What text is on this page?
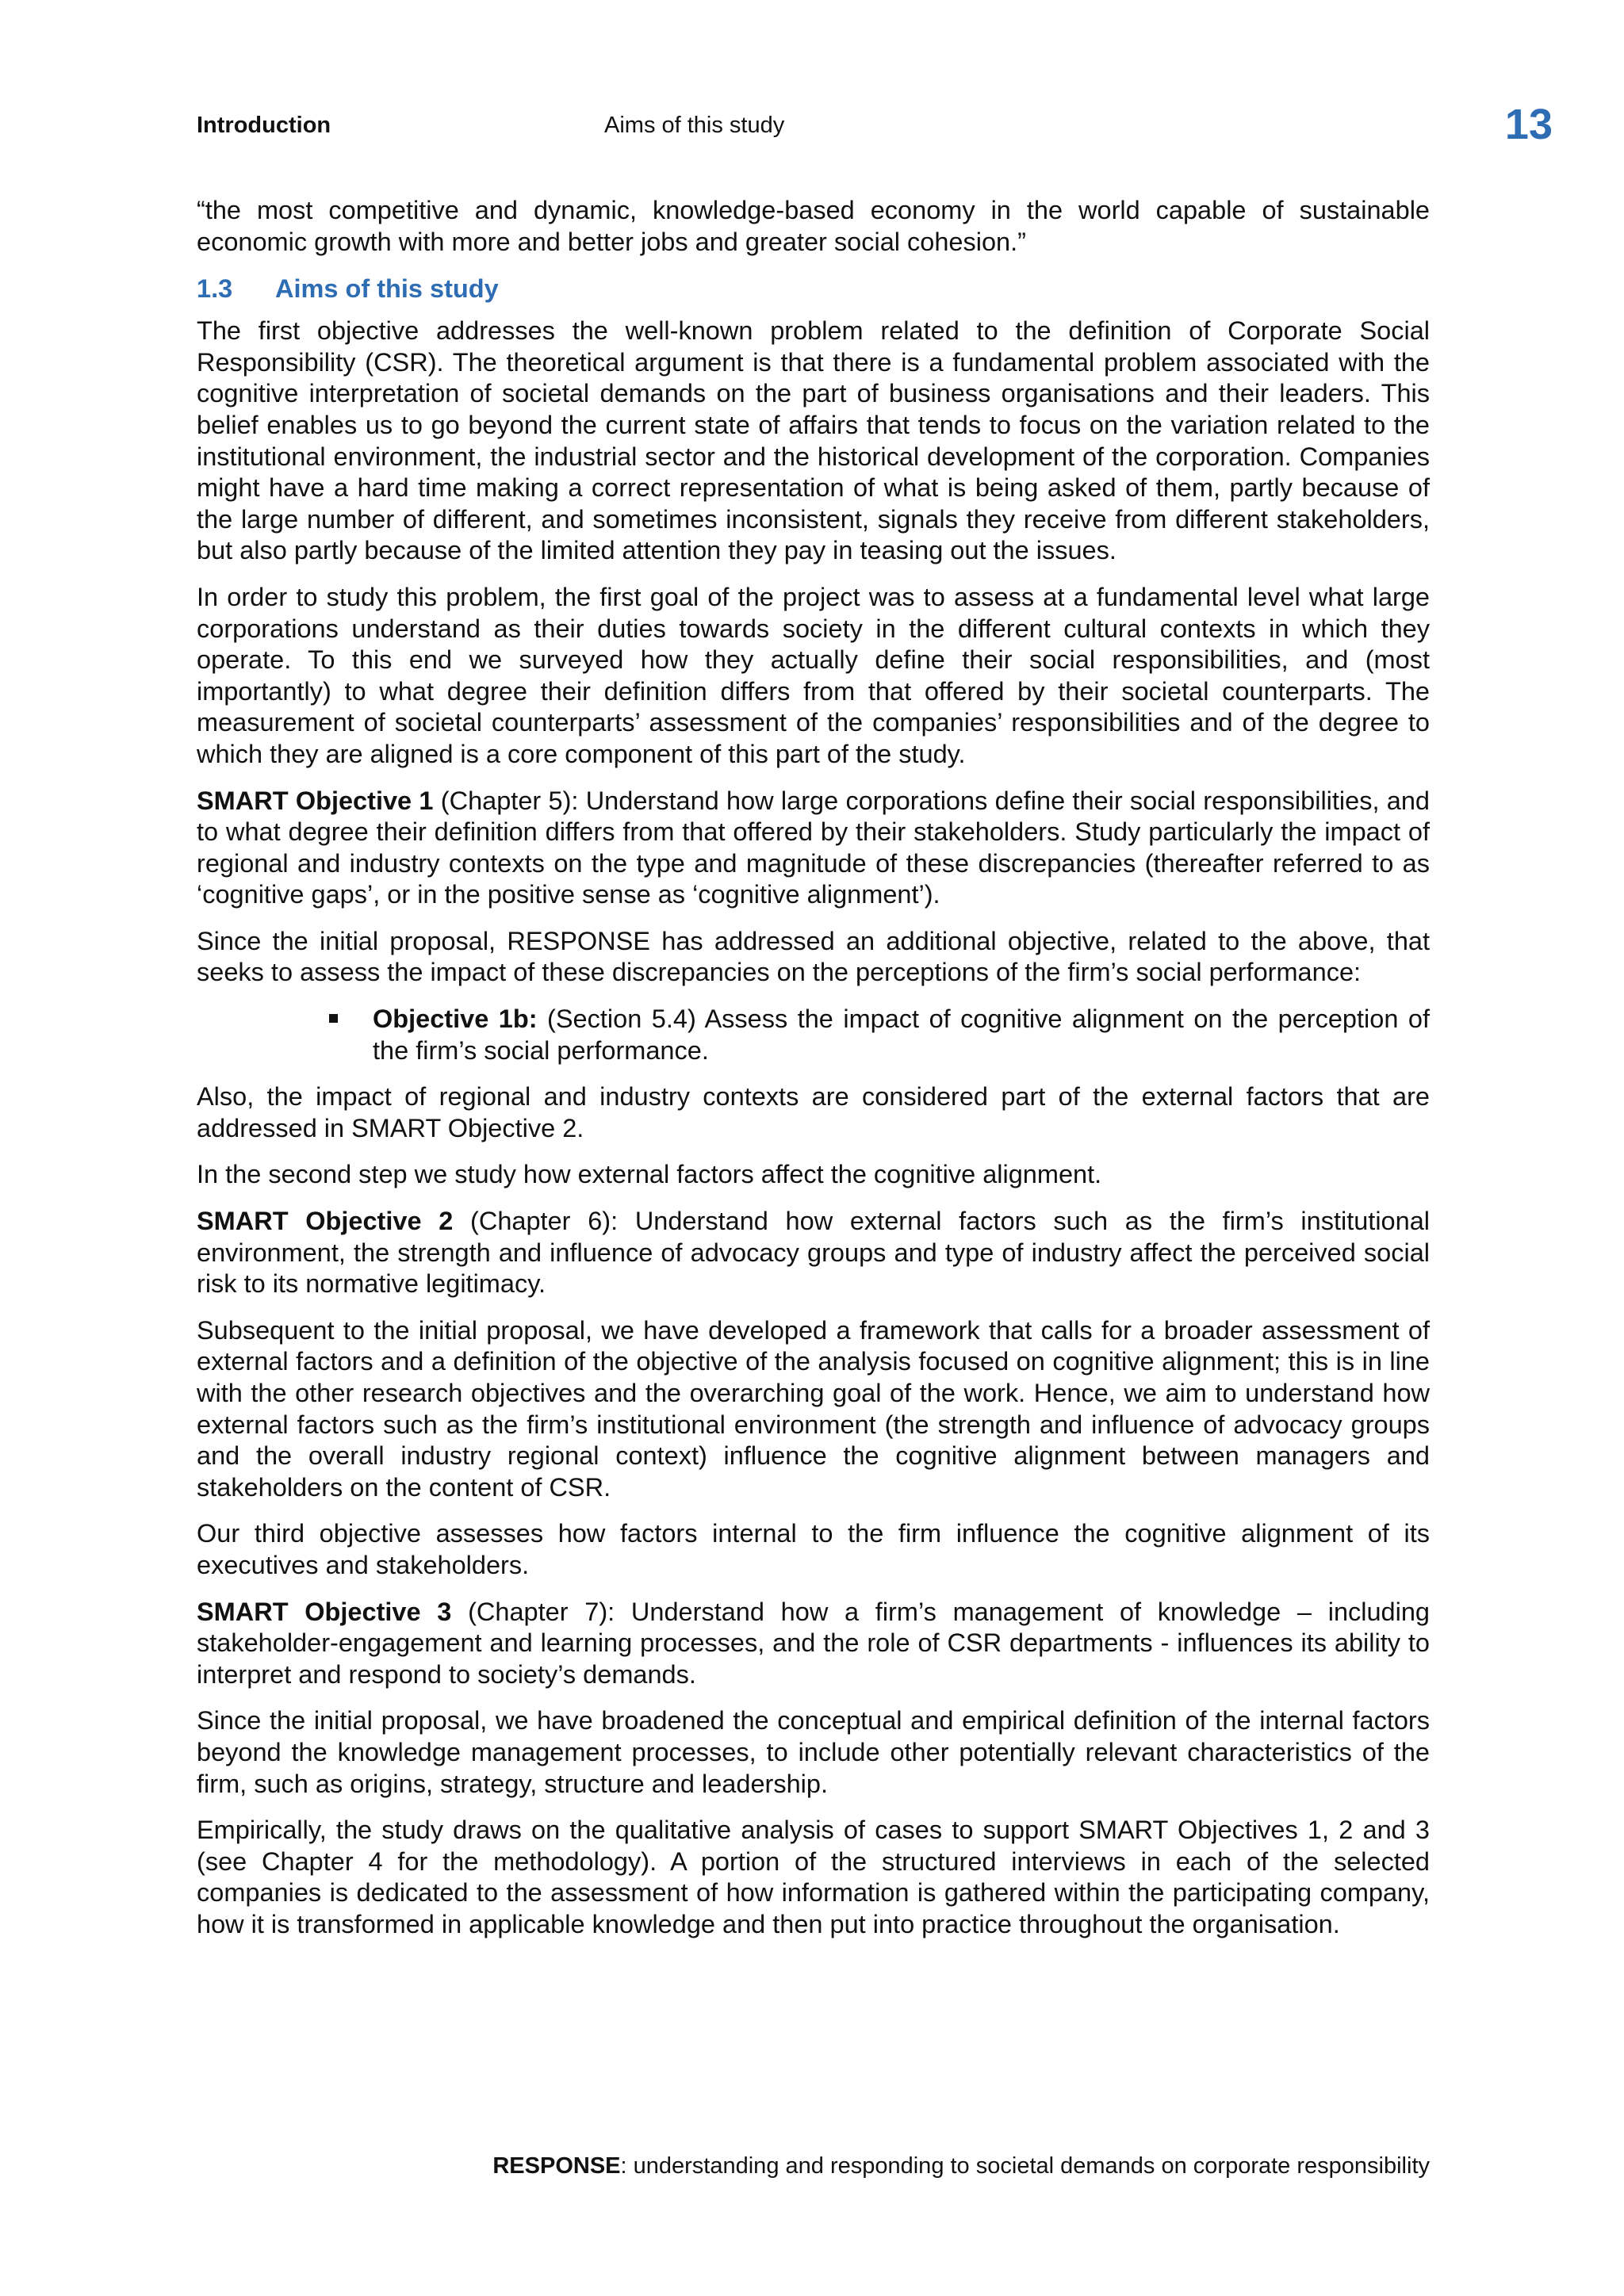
Introduction	Aims of this study	13

“the most competitive and dynamic, knowledge-based economy in the world capable of sustainable economic growth with more and better jobs and greater social cohesion.”

1.3 Aims of this study

The first objective addresses the well-known problem related to the definition of Corporate Social Responsibility (CSR). The theoretical argument is that there is a fundamental problem associated with the cognitive interpretation of societal demands on the part of business organisations and their leaders. This belief enables us to go beyond the current state of affairs that tends to focus on the variation related to the institutional environment, the industrial sector and the historical development of the corporation. Companies might have a hard time making a correct representation of what is being asked of them, partly because of the large number of different, and sometimes inconsistent, signals they receive from different stakeholders, but also partly because of the limited attention they pay in teasing out the issues.

In order to study this problem, the first goal of the project was to assess at a fundamental level what large corporations understand as their duties towards society in the different cultural contexts in which they operate. To this end we surveyed how they actually define their social responsibilities, and (most importantly) to what degree their definition differs from that offered by their societal counterparts. The measurement of societal counterparts’ assessment of the companies’ responsibilities and of the degree to which they are aligned is a core component of this part of the study.

SMART Objective 1 (Chapter 5): Understand how large corporations define their social responsibilities, and to what degree their definition differs from that offered by their stakeholders. Study particularly the impact of regional and industry contexts on the type and magnitude of these discrepancies (thereafter referred to as ‘cognitive gaps’, or in the positive sense as ‘cognitive alignment’).

Since the initial proposal, RESPONSE has addressed an additional objective, related to the above, that seeks to assess the impact of these discrepancies on the perceptions of the firm’s social performance:

Objective 1b: (Section 5.4) Assess the impact of cognitive alignment on the perception of the firm’s social performance.

Also, the impact of regional and industry contexts are considered part of the external factors that are addressed in SMART Objective 2.

In the second step we study how external factors affect the cognitive alignment.

SMART Objective 2 (Chapter 6): Understand how external factors such as the firm’s institutional environment, the strength and influence of advocacy groups and type of industry affect the perceived social risk to its normative legitimacy.

Subsequent to the initial proposal, we have developed a framework that calls for a broader assessment of external factors and a definition of the objective of the analysis focused on cognitive alignment; this is in line with the other research objectives and the overarching goal of the work. Hence, we aim to understand how external factors such as the firm’s institutional environment (the strength and influence of advocacy groups and the overall industry regional context) influence the cognitive alignment between managers and stakeholders on the content of CSR.

Our third objective assesses how factors internal to the firm influence the cognitive alignment of its executives and stakeholders.

SMART Objective 3 (Chapter 7): Understand how a firm’s management of knowledge – including stakeholder-engagement and learning processes, and the role of CSR departments - influences its ability to interpret and respond to society’s demands.

Since the initial proposal, we have broadened the conceptual and empirical definition of the internal factors beyond the knowledge management processes, to include other potentially relevant characteristics of the firm, such as origins, strategy, structure and leadership.

Empirically, the study draws on the qualitative analysis of cases to support SMART Objectives 1, 2 and 3 (see Chapter 4 for the methodology). A portion of the structured interviews in each of the selected companies is dedicated to the assessment of how information is gathered within the participating company, how it is transformed in applicable knowledge and then put into practice throughout the organisation.

RESPONSE: understanding and responding to societal demands on corporate responsibility
